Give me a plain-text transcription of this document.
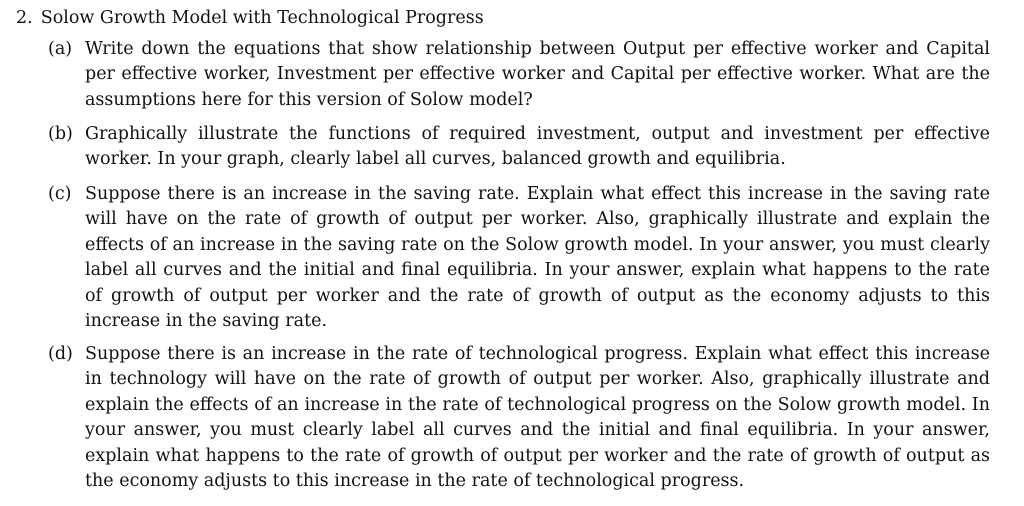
2. Solow Growth Model with Technological Progress
(a) Write down the equations that show relationship between Output per effective worker and Capital per effective worker, Investment per effective worker and Capital per effective worker. What are the assumptions here for this version of Solow model?
(b) Graphically illustrate the functions of required investment, output and investment per effective worker. In your graph, clearly label all curves, balanced growth and equilibria.
(c) Suppose there is an increase in the saving rate. Explain what effect this increase in the saving rate will have on the rate of growth of output per worker. Also, graphically illustrate and explain the effects of an increase in the saving rate on the Solow growth model. In your answer, you must clearly label all curves and the initial and final equilibria. In your answer, explain what happens to the rate of growth of output per worker and the rate of growth of output as the economy adjusts to this increase in the saving rate.
(d) Suppose there is an increase in the rate of technological progress. Explain what effect this increase in technology will have on the rate of growth of output per worker. Also, graphically illustrate and explain the effects of an increase in the rate of technological progress on the Solow growth model. In your answer, you must clearly label all curves and the initial and final equilibria. In your answer, explain what happens to the rate of growth of output per worker and the rate of growth of output as the economy adjusts to this increase in the rate of technological progress.
